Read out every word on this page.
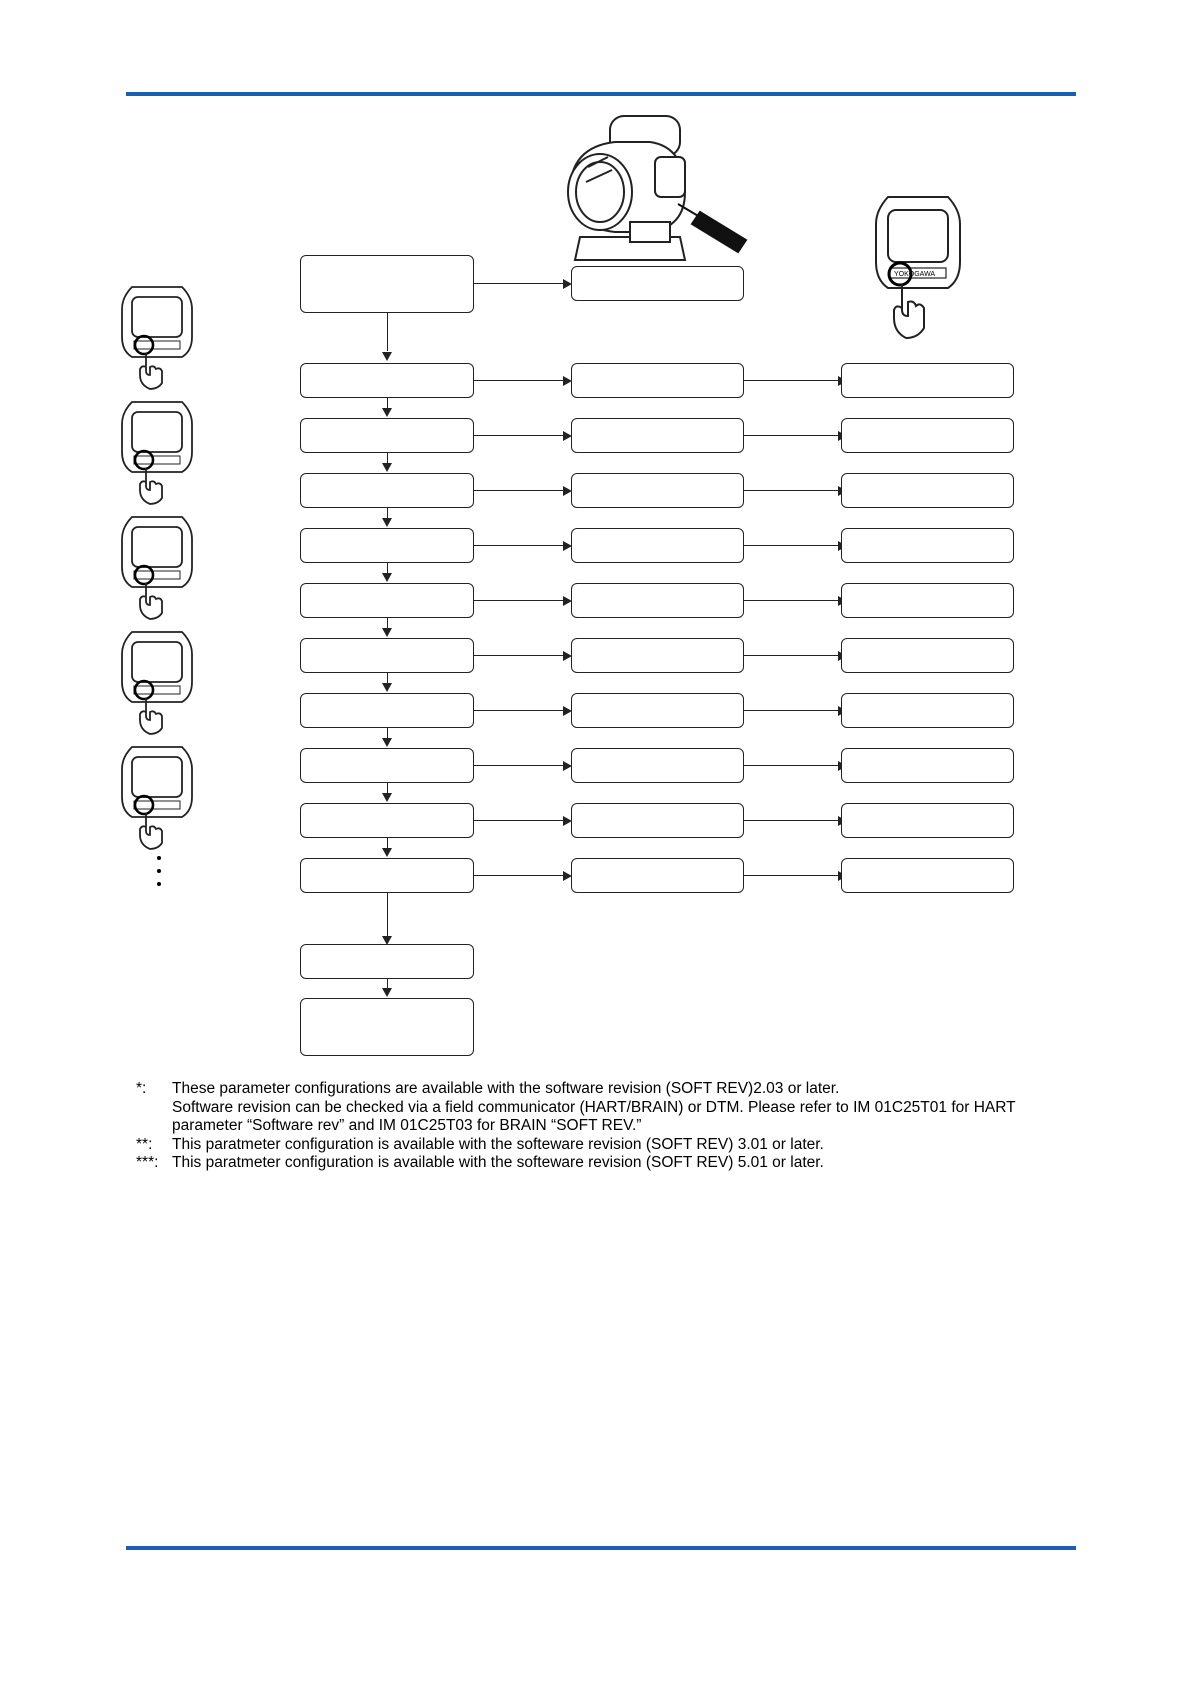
YOKOGAWA
*:	These parameter configurations are available with the software revision (SOFT REV)2.03 or later.
Software revision can be checked via a field communicator (HART/BRAIN) or DTM. Please refer to IM 01C25T01 for HART parameter “Software rev” and IM 01C25T03 for BRAIN “SOFT REV.”
**:	This paratmeter configuration is available with the softeware revision (SOFT REV) 3.01 or later.
***: This paratmeter configuration is available with the softeware revision (SOFT REV) 5.01 or later.
